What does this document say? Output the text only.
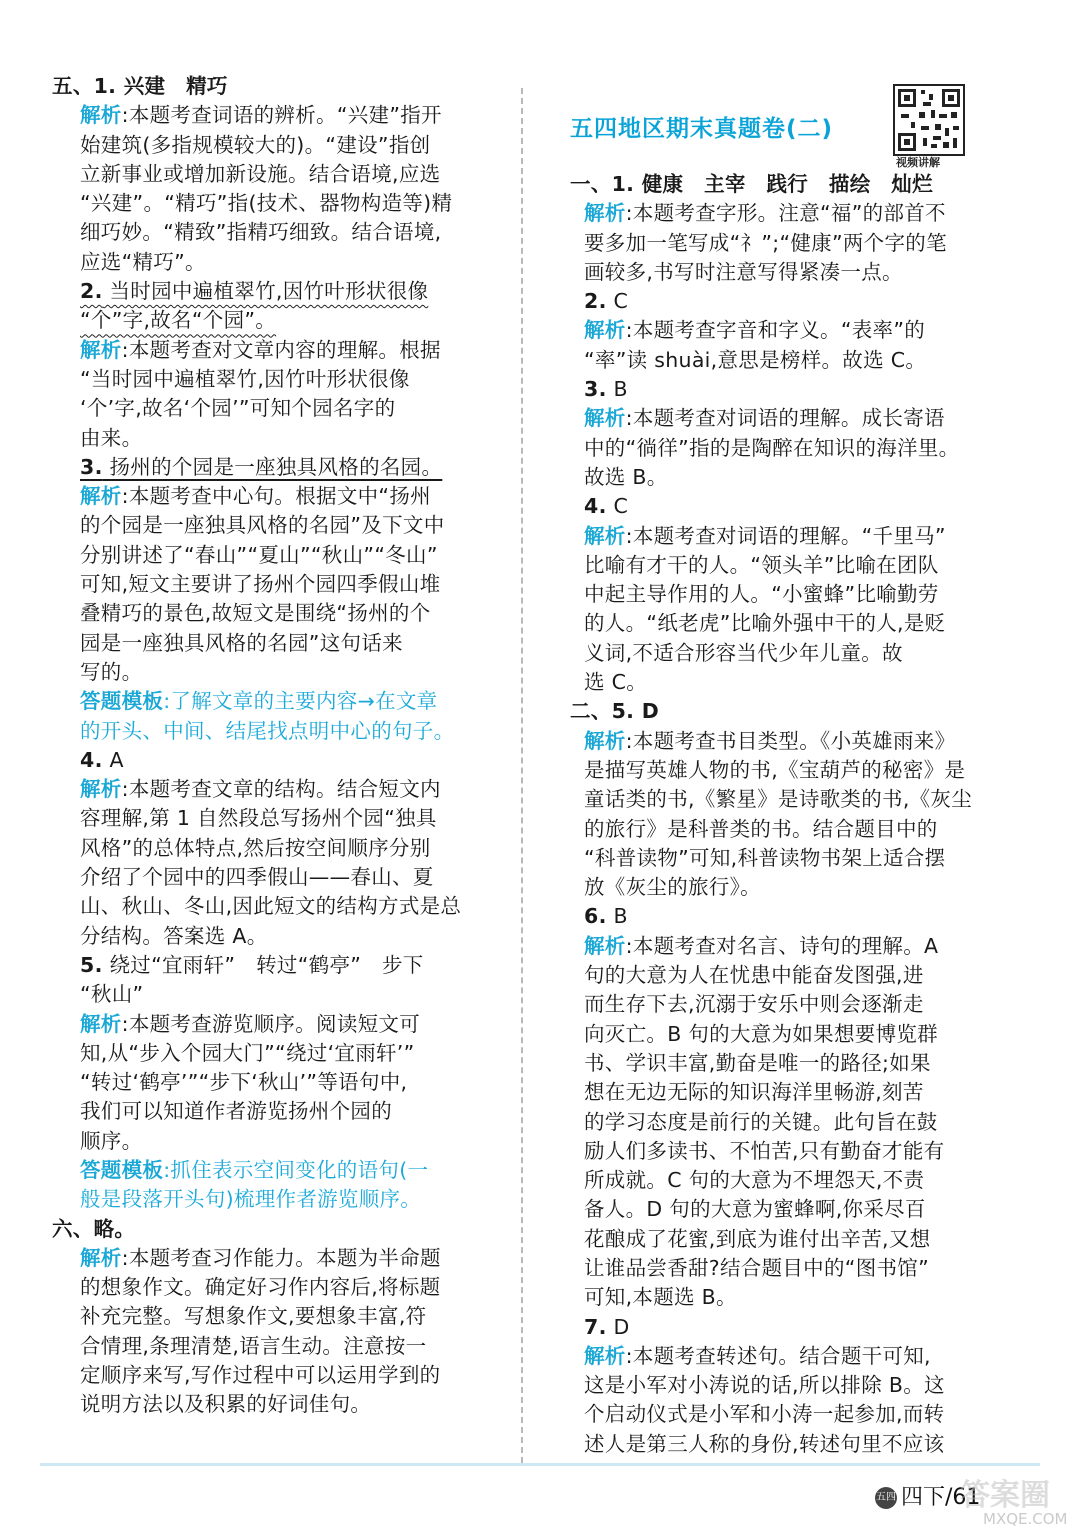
五、1. 兴建　精巧
解析:本题考查词语的辨析。“兴建”指开
始建筑(多指规模较大的)。“建设”指创
立新事业或增加新设施。结合语境,应选
“兴建”。“精巧”指(技术、器物构造等)精
细巧妙。“精致”指精巧细致。结合语境,
应选“精巧”。
2. 当时园中遍植翠竹,因竹叶形状很像
“个”字,故名“个园”。
解析:本题考查对文章内容的理解。根据
“当时园中遍植翠竹,因竹叶形状很像
‘个’字,故名‘个园’”可知个园名字的
由来。
3. 扬州的个园是一座独具风格的名园。
解析:本题考查中心句。根据文中“扬州
的个园是一座独具风格的名园”及下文中
分别讲述了“春山”“夏山”“秋山”“冬山”
可知,短文主要讲了扬州个园四季假山堆
叠精巧的景色,故短文是围绕“扬州的个
园是一座独具风格的名园”这句话来
写的。
答题模板:了解文章的主要内容→在文章
的开头、中间、结尾找点明中心的句子。
4. A
解析:本题考查文章的结构。结合短文内
容理解,第 1 自然段总写扬州个园“独具
风格”的总体特点,然后按空间顺序分别
介绍了个园中的四季假山——春山、夏
山、秋山、冬山,因此短文的结构方式是总
分结构。答案选 A。
5. 绕过“宜雨轩”　转过“鹤亭”　步下
“秋山”
解析:本题考查游览顺序。阅读短文可
知,从“步入个园大门”“绕过‘宜雨轩’”
“转过‘鹤亭’”“步下‘秋山’”等语句中,
我们可以知道作者游览扬州个园的
顺序。
答题模板:抓住表示空间变化的语句(一
般是段落开头句)梳理作者游览顺序。
六、略。
解析:本题考查习作能力。本题为半命题
的想象作文。确定好习作内容后,将标题
补充完整。写想象作文,要想象丰富,符
合情理,条理清楚,语言生动。注意按一
定顺序来写,写作过程中可以运用学到的
说明方法以及积累的好词佳句。
五四地区期末真题卷(二)
视频讲解
一、1. 健康　主宰　践行　描绘　灿烂
解析:本题考查字形。注意“福”的部首不
要多加一笔写成“礻”;“健康”两个字的笔
画较多,书写时注意写得紧凑一点。
2. C
解析:本题考查字音和字义。“表率”的
“率”读 shuài,意思是榜样。故选 C。
3. B
解析:本题考查对词语的理解。成长寄语
中的“徜徉”指的是陶醉在知识的海洋里。
故选 B。
4. C
解析:本题考查对词语的理解。“千里马”
比喻有才干的人。“领头羊”比喻在团队
中起主导作用的人。“小蜜蜂”比喻勤劳
的人。“纸老虎”比喻外强中干的人,是贬
义词,不适合形容当代少年儿童。故
选 C。
二、5. D
解析:本题考查书目类型。《小英雄雨来》
是描写英雄人物的书,《宝葫芦的秘密》是
童话类的书,《繁星》是诗歌类的书,《灰尘
的旅行》是科普类的书。结合题目中的
“科普读物”可知,科普读物书架上适合摆
放《灰尘的旅行》。
6. B
解析:本题考查对名言、诗句的理解。A
句的大意为人在忧患中能奋发图强,进
而生存下去,沉溺于安乐中则会逐渐走
向灭亡。B 句的大意为如果想要博览群
书、学识丰富,勤奋是唯一的路径;如果
想在无边无际的知识海洋里畅游,刻苦
的学习态度是前行的关键。此句旨在鼓
励人们多读书、不怕苦,只有勤奋才能有
所成就。C 句的大意为不埋怨天,不责
备人。D 句的大意为蜜蜂啊,你采尽百
花酿成了花蜜,到底为谁付出辛苦,又想
让谁品尝香甜?结合题目中的“图书馆”
可知,本题选 B。
7. D
解析:本题考查转述句。结合题干可知,
这是小军对小涛说的话,所以排除 B。这
个启动仪式是小军和小涛一起参加,而转
述人是第三人称的身份,转述句里不应该
五四 四下/61
答案圈
MXQE.COM
